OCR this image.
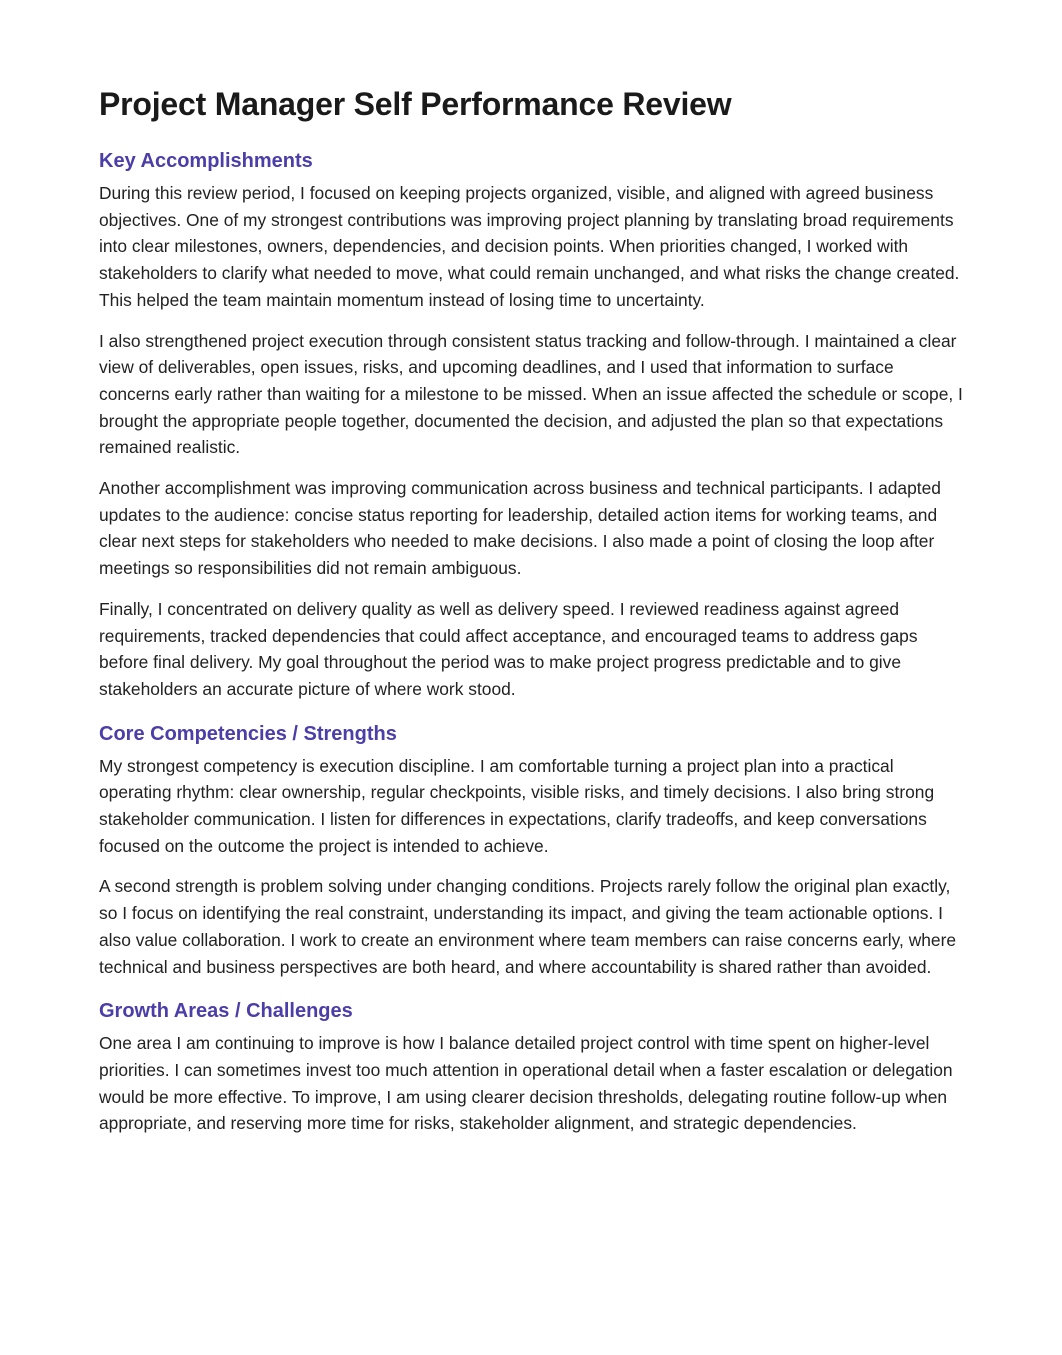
Project Manager Self Performance Review
Key Accomplishments

During this review period, I focused on keeping projects organized, visible, and aligned with agreed business objectives. One of my strongest contributions was improving project planning by translating broad requirements into clear milestones, owners, dependencies, and decision points. When priorities changed, I worked with stakeholders to clarify what needed to move, what could remain unchanged, and what risks the change created. This helped the team maintain momentum instead of losing time to uncertainty.

I also strengthened project execution through consistent status tracking and follow-through. I maintained a clear view of deliverables, open issues, risks, and upcoming deadlines, and I used that information to surface concerns early rather than waiting for a milestone to be missed. When an issue affected the schedule or scope, I brought the appropriate people together, documented the decision, and adjusted the plan so that expectations remained realistic.

Another accomplishment was improving communication across business and technical participants. I adapted updates to the audience: concise status reporting for leadership, detailed action items for working teams, and clear next steps for stakeholders who needed to make decisions. I also made a point of closing the loop after meetings so responsibilities did not remain ambiguous.

Finally, I concentrated on delivery quality as well as delivery speed. I reviewed readiness against agreed requirements, tracked dependencies that could affect acceptance, and encouraged teams to address gaps before final delivery. My goal throughout the period was to make project progress predictable and to give stakeholders an accurate picture of where work stood.

Core Competencies / Strengths

My strongest competency is execution discipline. I am comfortable turning a project plan into a practical operating rhythm: clear ownership, regular checkpoints, visible risks, and timely decisions. I also bring strong stakeholder communication. I listen for differences in expectations, clarify tradeoffs, and keep conversations focused on the outcome the project is intended to achieve.

A second strength is problem solving under changing conditions. Projects rarely follow the original plan exactly, so I focus on identifying the real constraint, understanding its impact, and giving the team actionable options. I also value collaboration. I work to create an environment where team members can raise concerns early, where technical and business perspectives are both heard, and where accountability is shared rather than avoided.

Growth Areas / Challenges

One area I am continuing to improve is how I balance detailed project control with time spent on higher-level priorities. I can sometimes invest too much attention in operational detail when a faster escalation or delegation would be more effective. To improve, I am using clearer decision thresholds, delegating routine follow-up when appropriate, and reserving more time for risks, stakeholder alignment, and strategic dependencies.
